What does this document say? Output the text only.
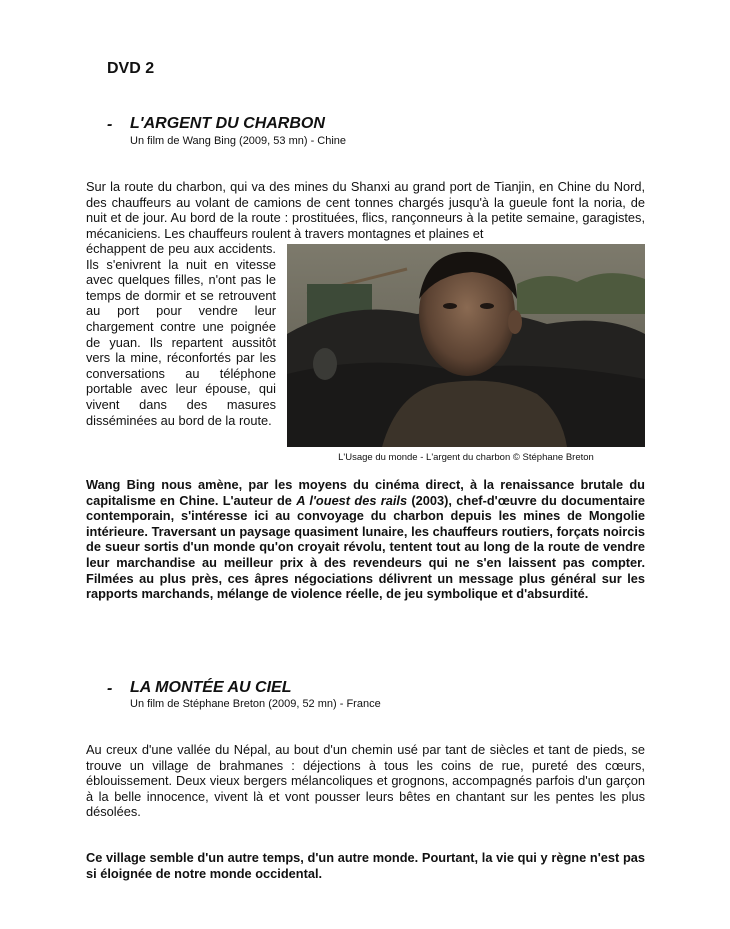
DVD 2
- L'ARGENT DU CHARBON
Un film de Wang Bing (2009, 53 mn) - Chine
Sur la route du charbon, qui va des mines du Shanxi au grand port de Tianjin, en Chine du Nord, des chauffeurs au volant de camions de cent tonnes chargés jusqu'à la gueule font la noria, de nuit et de jour. Au bord de la route : prostituées, flics, rançonneurs à la petite semaine, garagistes, mécaniciens. Les chauffeurs roulent à travers montagnes et plaines et
échappent de peu aux accidents. Ils s'enivrent la nuit en vitesse avec quelques filles, n'ont pas le temps de dormir et se retrouvent au port pour vendre leur chargement contre une poignée de yuan. Ils repartent aussitôt vers la mine, réconfortés par les conversations au téléphone portable avec leur épouse, qui vivent dans des masures disséminées au bord de la route.
L'Usage du monde - L'argent du charbon © Stéphane Breton
Wang Bing nous amène, par les moyens du cinéma direct, à la renaissance brutale du capitalisme en Chine. L'auteur de A l'ouest des rails (2003), chef-d'œuvre du documentaire contemporain, s'intéresse ici au convoyage du charbon depuis les mines de Mongolie intérieure. Traversant un paysage quasiment lunaire, les chauffeurs routiers, forçats noircis de sueur sortis d'un monde qu'on croyait révolu, tentent tout au long de la route de vendre leur marchandise au meilleur prix à des revendeurs qui ne s'en laissent pas compter. Filmées au plus près, ces âpres négociations délivrent un message plus général sur les rapports marchands, mélange de violence réelle, de jeu symbolique et d'absurdité.
- LA MONTÉE AU CIEL
Un film de Stéphane Breton (2009, 52 mn) - France
Au creux d'une vallée du Népal, au bout d'un chemin usé par tant de siècles et tant de pieds, se trouve un village de brahmanes : déjections à tous les coins de rue, pureté des cœurs, éblouissement. Deux vieux bergers mélancoliques et grognons, accompagnés parfois d'un garçon à la belle innocence, vivent là et vont pousser leurs bêtes en chantant sur les pentes les plus désolées.
Ce village semble d'un autre temps, d'un autre monde. Pourtant, la vie qui y règne n'est pas si éloignée de notre monde occidental.
